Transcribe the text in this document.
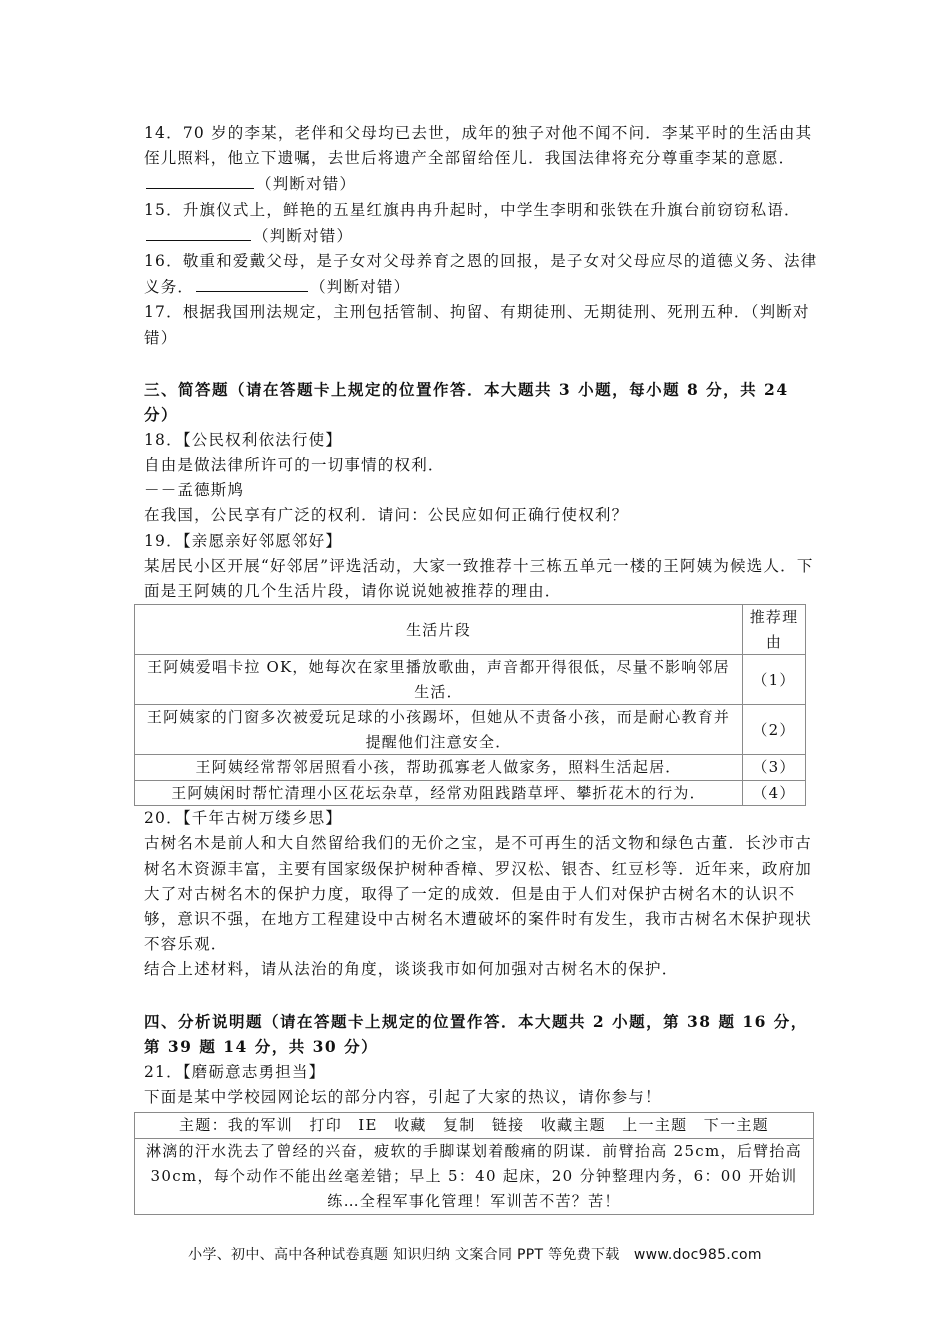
14．70 岁的李某，老伴和父母均已去世，成年的独子对他不闻不问．李某平时的生活由其侄儿照料，他立下遗嘱，去世后将遗产全部留给侄儿．我国法律将充分尊重李某的意愿．（判断对错）

15．升旗仪式上，鲜艳的五星红旗冉冉升起时，中学生李明和张铁在升旗台前窃窃私语．（判断对错）

16．敬重和爱戴父母，是子女对父母养育之恩的回报，是子女对父母应尽的道德义务、法律义务．	（判断对错）

17．根据我国刑法规定，主刑包括管制、拘留、有期徒刑、无期徒刑、死刑五种．（判断对错）

三、简答题（请在答题卡上规定的位置作答．本大题共 3 小题，每小题 8 分，共 24 分）

18．【公民权利依法行使】

自由是做法律所许可的一切事情的权利．

－－孟德斯鸠

在我国，公民享有广泛的权利．请问：公民应如何正确行使权利？

19．【亲愿亲好邻愿邻好】

某居民小区开展“好邻居”评选活动，大家一致推荐十三栋五单元一楼的王阿姨为候选人．下面是王阿姨的几个生活片段，请你说说她被推荐的理由．

生活片段	推荐理由
王阿姨爱唱卡拉 OK，她每次在家里播放歌曲，声音都开得很低，尽量不影响邻居生活．	（1）
王阿姨家的门窗多次被爱玩足球的小孩踢坏，但她从不责备小孩，而是耐心教育并提醒他们注意安全．	（2）
王阿姨经常帮邻居照看小孩，帮助孤寡老人做家务，照料生活起居．	（3）
王阿姨闲时帮忙清理小区花坛杂草，经常劝阻践踏草坪、攀折花木的行为．	（4）

20．【千年古树万缕乡思】

古树名木是前人和大自然留给我们的无价之宝，是不可再生的活文物和绿色古董．长沙市古树名木资源丰富，主要有国家级保护树种香樟、罗汉松、银杏、红豆杉等．近年来，政府加大了对古树名木的保护力度，取得了一定的成效．但是由于人们对保护古树名木的认识不够，意识不强，在地方工程建设中古树名木遭破坏的案件时有发生，我市古树名木保护现状不容乐观．

结合上述材料，请从法治的角度，谈谈我市如何加强对古树名木的保护．

四、分析说明题（请在答题卡上规定的位置作答．本大题共 2 小题，第 38 题 16 分，第 39 题 14 分，共 30 分）

21．【磨砺意志勇担当】

下面是某中学校园网论坛的部分内容，引起了大家的热议，请你参与！

主题：我的军训　打印　IE　收藏　复制　链接　收藏主题　上一主题　下一主题
淋漓的汗水洗去了曾经的兴奋，疲软的手脚谋划着酸痛的阴谋．前臂抬高 25cm，后臂抬高 30cm，每个动作不能出丝毫差错；早上 5：40 起床，20 分钟整理内务，6：00 开始训练…全程军事化管理！军训苦不苦？苦！
小学、初中、高中各种试卷真题 知识归纳 文案合同 PPT 等免费下载　www.doc985.com
